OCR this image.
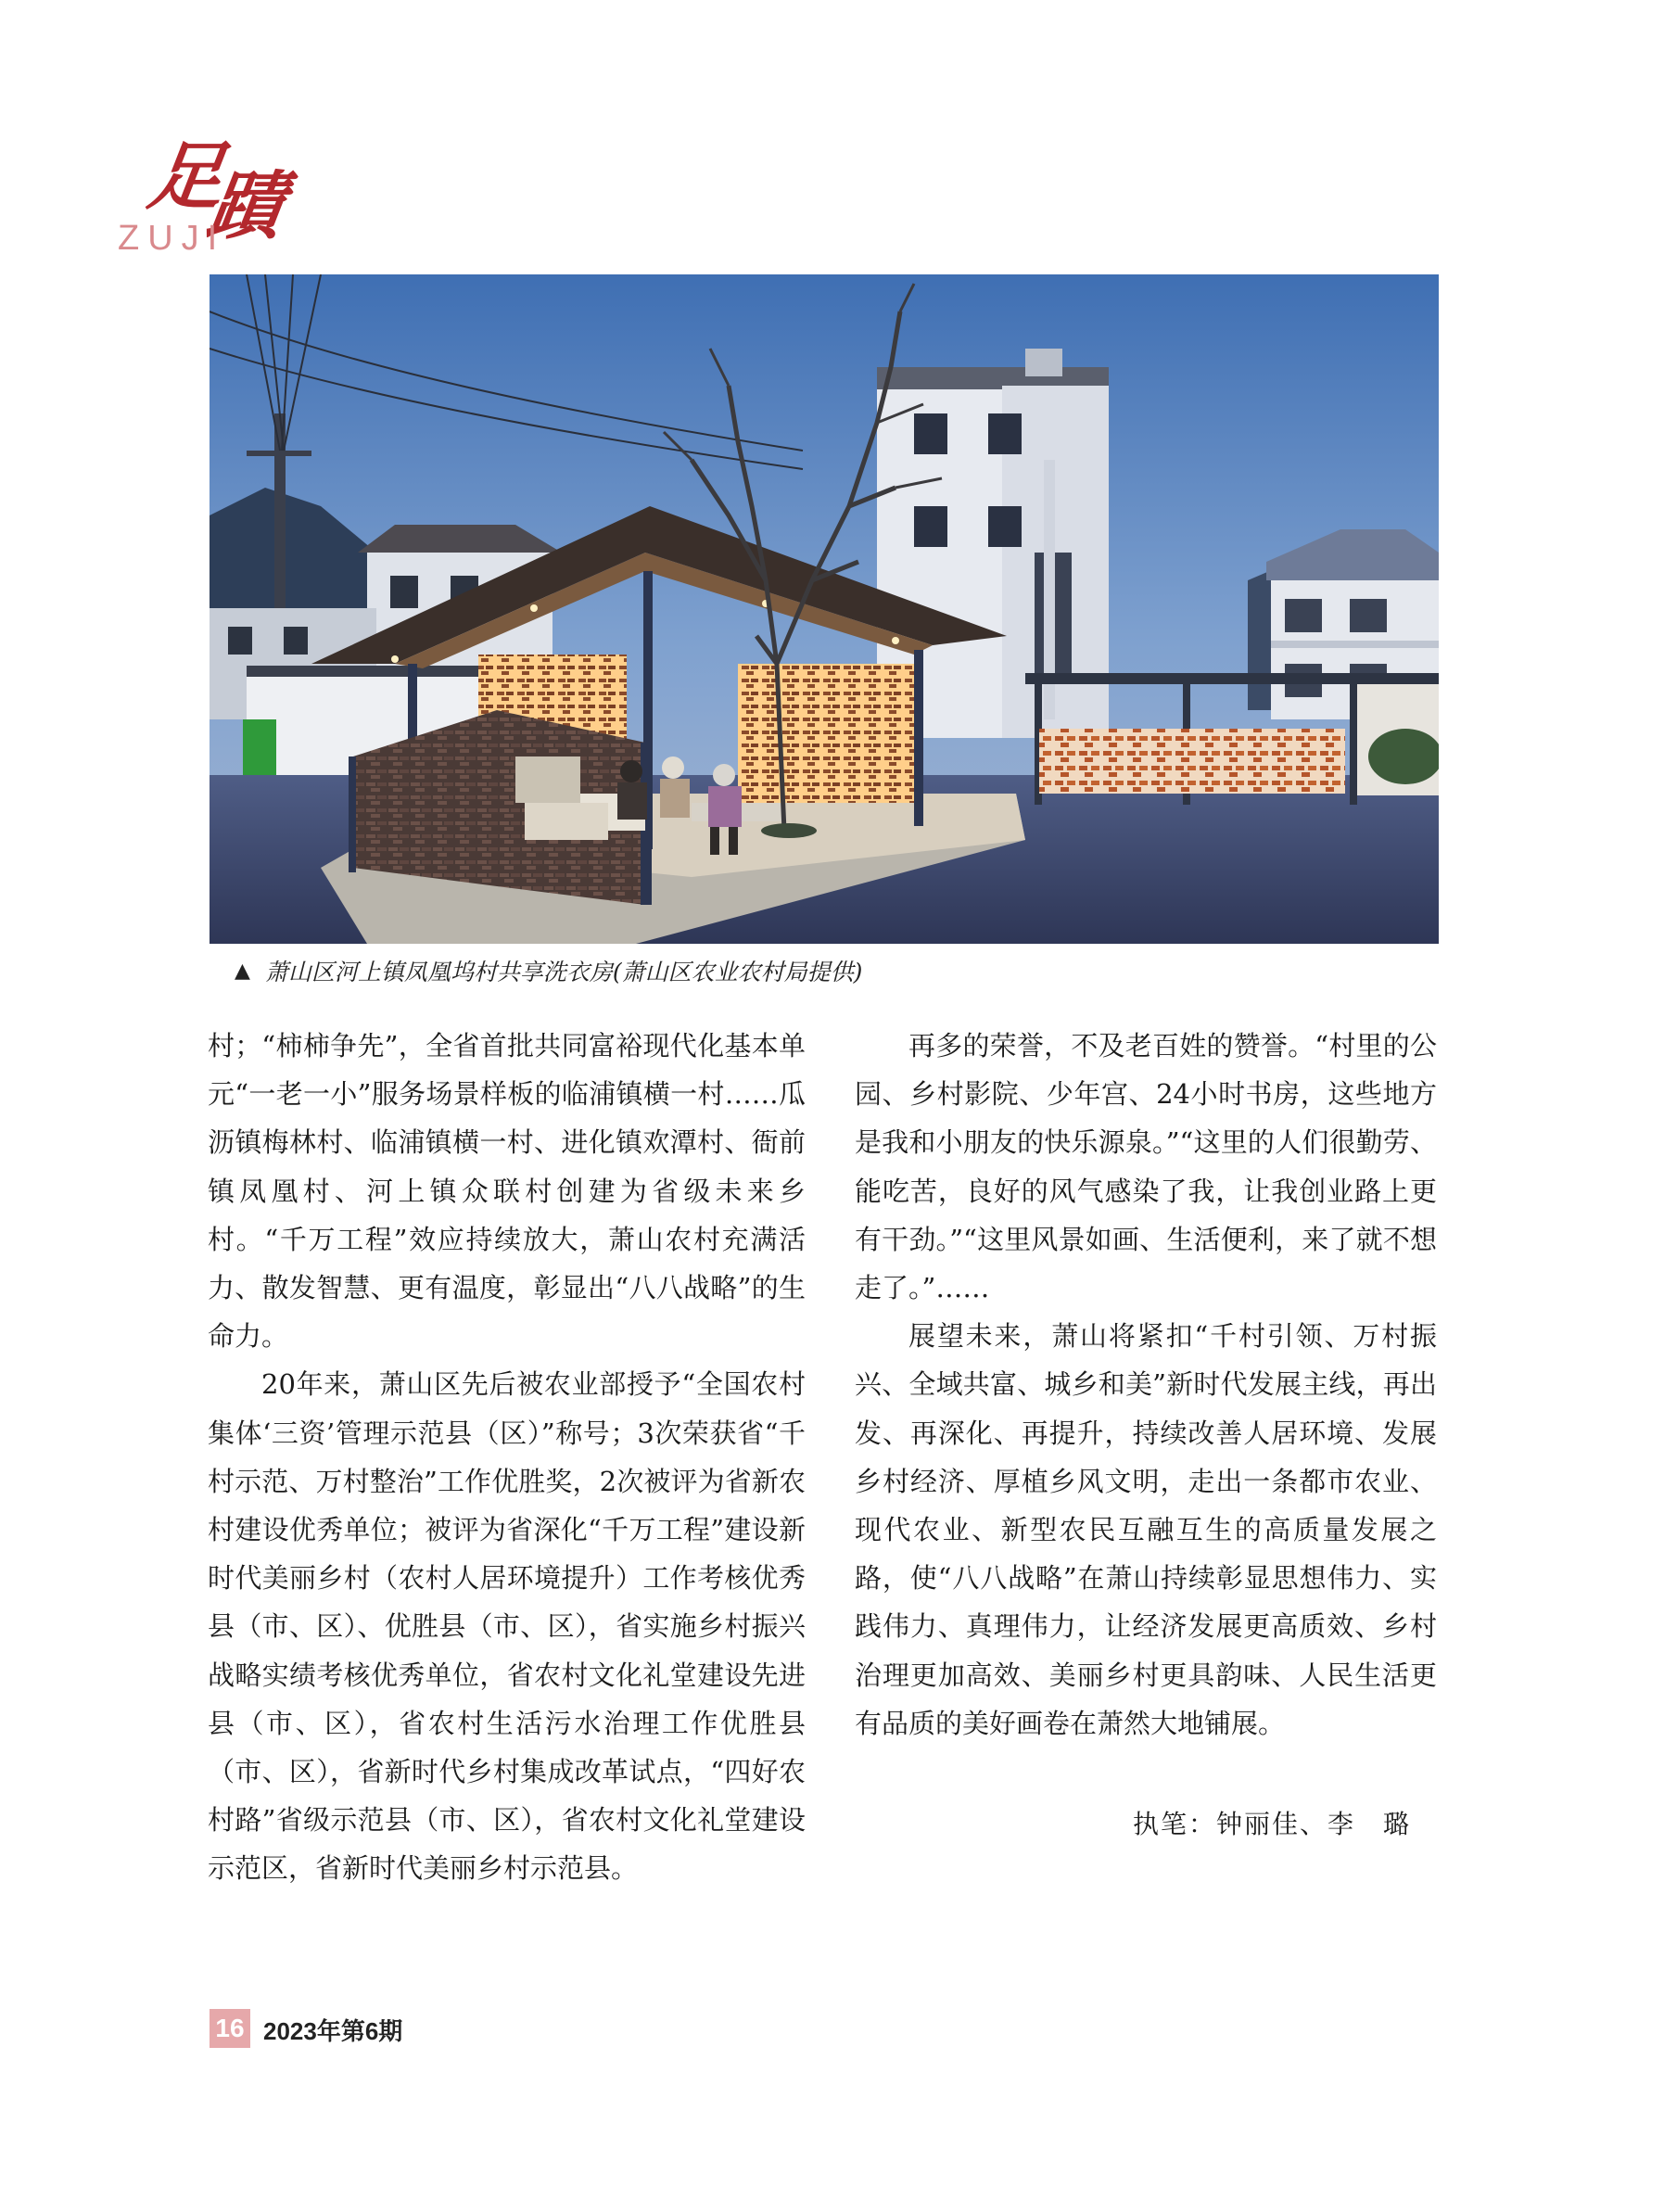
足
蹟
ZUJI
▲ 萧山区河上镇凤凰坞村共享洗衣房(萧山区农业农村局提供)

村；“柿柿争先”，全省首批共同富裕现代化基本单元“一老一小”服务场景样板的临浦镇横一村……瓜沥镇梅林村、临浦镇横一村、进化镇欢潭村、衙前镇凤凰村、河上镇众联村创建为省级未来乡村。“千万工程”效应持续放大，萧山农村充满活力、散发智慧、更有温度，彰显出“八八战略”的生命力。

20年来，萧山区先后被农业部授予“全国农村集体‘三资’管理示范县（区）”称号；3次荣获省“千村示范、万村整治”工作优胜奖，2次被评为省新农村建设优秀单位；被评为省深化“千万工程”建设新时代美丽乡村（农村人居环境提升）工作考核优秀县（市、区）、优胜县（市、区），省实施乡村振兴战略实绩考核优秀单位，省农村文化礼堂建设先进县（市、区），省农村生活污水治理工作优胜县（市、区），省新时代乡村集成改革试点，“四好农村路”省级示范县（市、区），省农村文化礼堂建设示范区，省新时代美丽乡村示范县。

再多的荣誉，不及老百姓的赞誉。“村里的公园、乡村影院、少年宫、24小时书房，这些地方是我和小朋友的快乐源泉。”“这里的人们很勤劳、能吃苦，良好的风气感染了我，让我创业路上更有干劲。”“这里风景如画、生活便利，来了就不想走了。”……

展望未来，萧山将紧扣“千村引领、万村振兴、全域共富、城乡和美”新时代发展主线，再出发、再深化、再提升，持续改善人居环境、发展乡村经济、厚植乡风文明，走出一条都市农业、现代农业、新型农民互融互生的高质量发展之路，使“八八战略”在萧山持续彰显思想伟力、实践伟力、真理伟力，让经济发展更高质效、乡村治理更加高效、美丽乡村更具韵味、人民生活更有品质的美好画卷在萧然大地铺展。

执笔：钟丽佳、李　璐
16 2023年第6期
